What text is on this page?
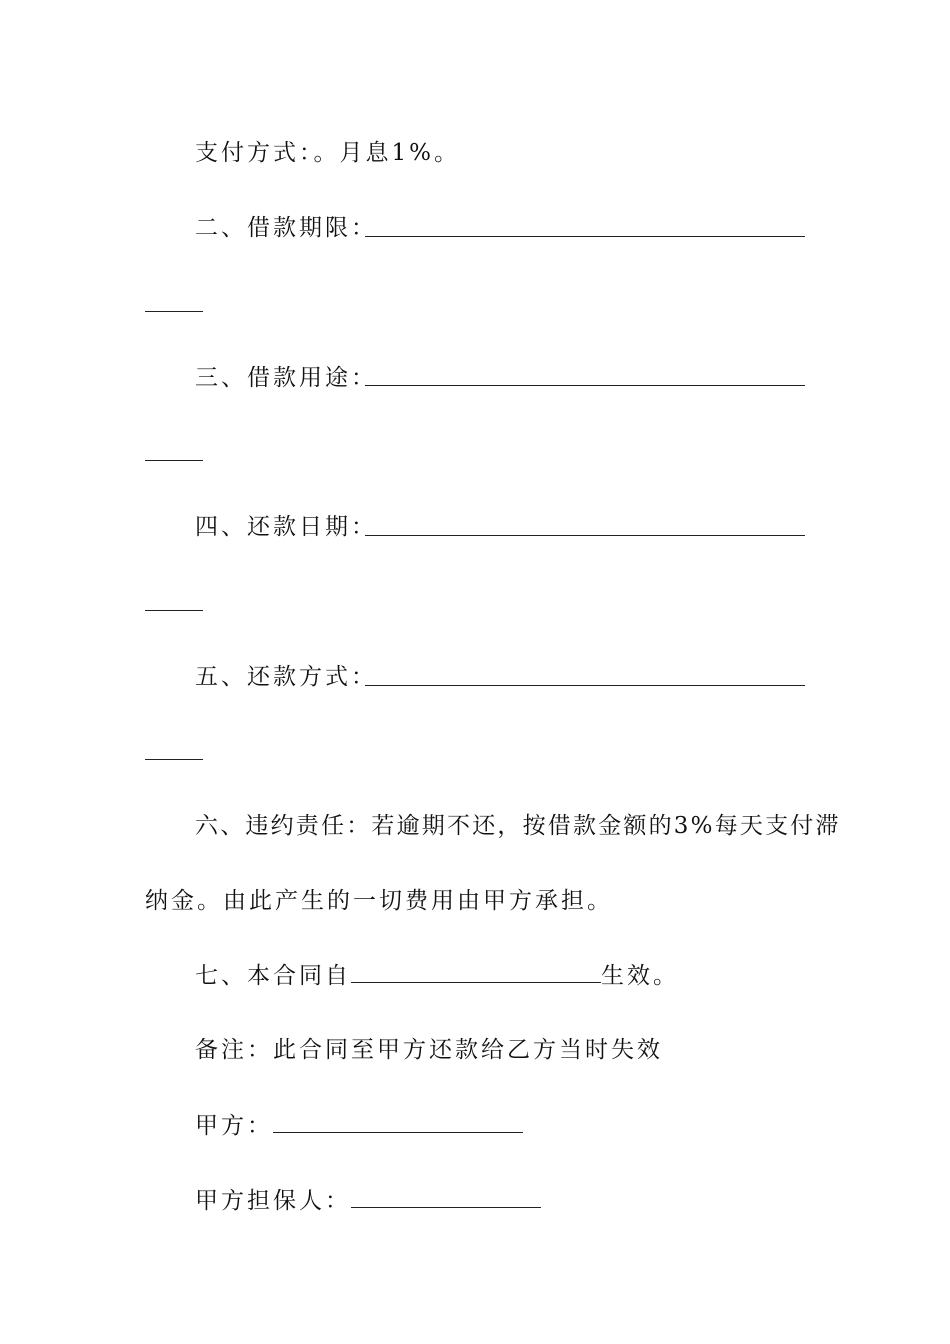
支付方式：。月息1%。
二、借款期限：
三、借款用途：
四、还款日期：
五、还款方式：
六、违约责任：若逾期不还，按借款金额的3%每天支付滞
纳金。由此产生的一切费用由甲方承担。
七、本合同自	生效。
备注：此合同至甲方还款给乙方当时失效
甲方：
甲方担保人：
